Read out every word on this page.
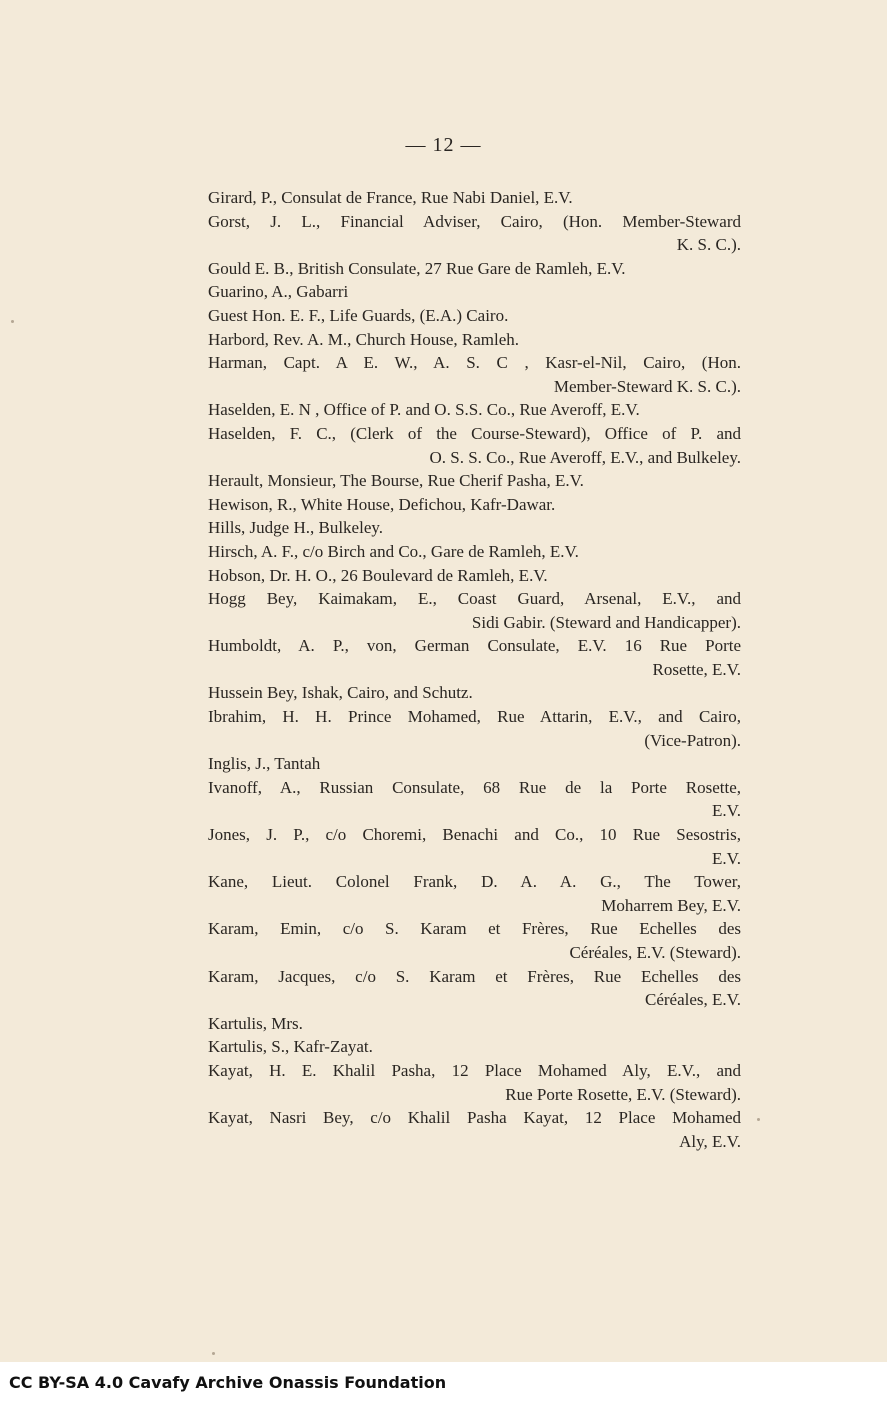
— 12 —
Girard, P., Consulat de France, Rue Nabi Daniel, E.V.
Gorst, J. L., Financial Adviser, Cairo, (Hon. Member-Steward
K. S. C.).
Gould E. B., British Consulate, 27 Rue Gare de Ramleh, E.V.
Guarino, A., Gabarri
Guest Hon. E. F., Life Guards, (E.A.) Cairo.
Harbord, Rev. A. M., Church House, Ramleh.
Harman, Capt. A E. W., A. S. C , Kasr-el-Nil, Cairo, (Hon.
Member-Steward K. S. C.).
Haselden, E. N , Office of P. and O. S.S. Co., Rue Averoff, E.V.
Haselden, F. C., (Clerk of the Course-Steward), Office of P. and
O. S. S. Co., Rue Averoff, E.V., and Bulkeley.
Herault, Monsieur, The Bourse, Rue Cherif Pasha, E.V.
Hewison, R., White House, Defichou, Kafr-Dawar.
Hills, Judge H., Bulkeley.
Hirsch, A. F., c/o Birch and Co., Gare de Ramleh, E.V.
Hobson, Dr. H. O., 26 Boulevard de Ramleh, E.V.
Hogg Bey, Kaimakam, E., Coast Guard, Arsenal, E.V., and
Sidi Gabir. (Steward and Handicapper).
Humboldt, A. P., von, German Consulate, E.V. 16 Rue Porte
Rosette, E.V.
Hussein Bey, Ishak, Cairo, and Schutz.
Ibrahim, H. H. Prince Mohamed, Rue Attarin, E.V., and Cairo,
(Vice-Patron).
Inglis, J., Tantah
Ivanoff, A., Russian Consulate, 68 Rue de la Porte Rosette,
E.V.
Jones, J. P., c/o Choremi, Benachi and Co., 10 Rue Sesostris,
E.V.
Kane, Lieut. Colonel Frank, D. A. A. G., The Tower,
Moharrem Bey, E.V.
Karam, Emin, c/o S. Karam et Frères, Rue Echelles des
Céréales, E.V. (Steward).
Karam, Jacques, c/o S. Karam et Frères, Rue Echelles des
Céréales, E.V.
Kartulis, Mrs.
Kartulis, S., Kafr-Zayat.
Kayat, H. E. Khalil Pasha, 12 Place Mohamed Aly, E.V., and
Rue Porte Rosette, E.V. (Steward).
Kayat, Nasri Bey, c/o Khalil Pasha Kayat, 12 Place Mohamed
Aly, E.V.
CC BY-SA 4.0 Cavafy Archive Onassis Foundation
